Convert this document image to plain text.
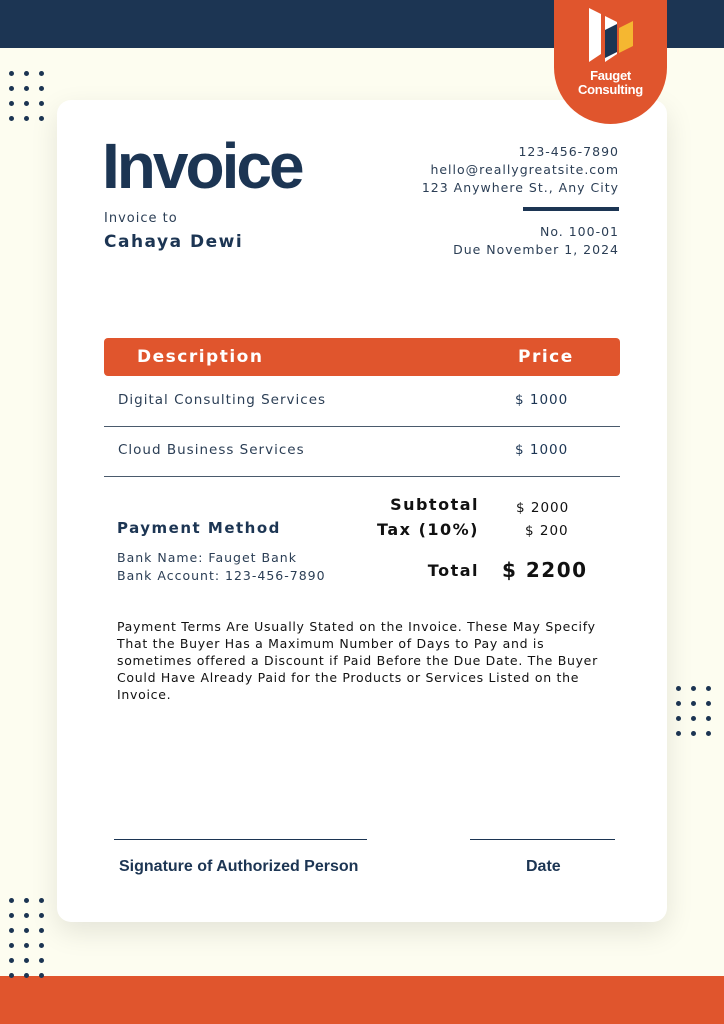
Fauget
Consulting
Invoice
Invoice to
Cahaya Dewi
123-456-7890
hello@reallygreatsite.com
123 Anywhere St., Any City
No. 100-01
Due November 1, 2024
Description	Price
Digital Consulting Services	$ 1000
Cloud Business Services	$ 1000
Payment Method
Bank Name: Fauget Bank
Bank Account: 123-456-7890
Subtotal	$ 2000
Tax (10%)	$ 200
Total $ 2200
Payment Terms Are Usually Stated on the Invoice. These May Specify That the Buyer Has a Maximum Number of Days to Pay and is sometimes offered a Discount if Paid Before the Due Date. The Buyer Could Have Already Paid for the Products or Services Listed on the Invoice.
Signature of Authorized Person	Date
